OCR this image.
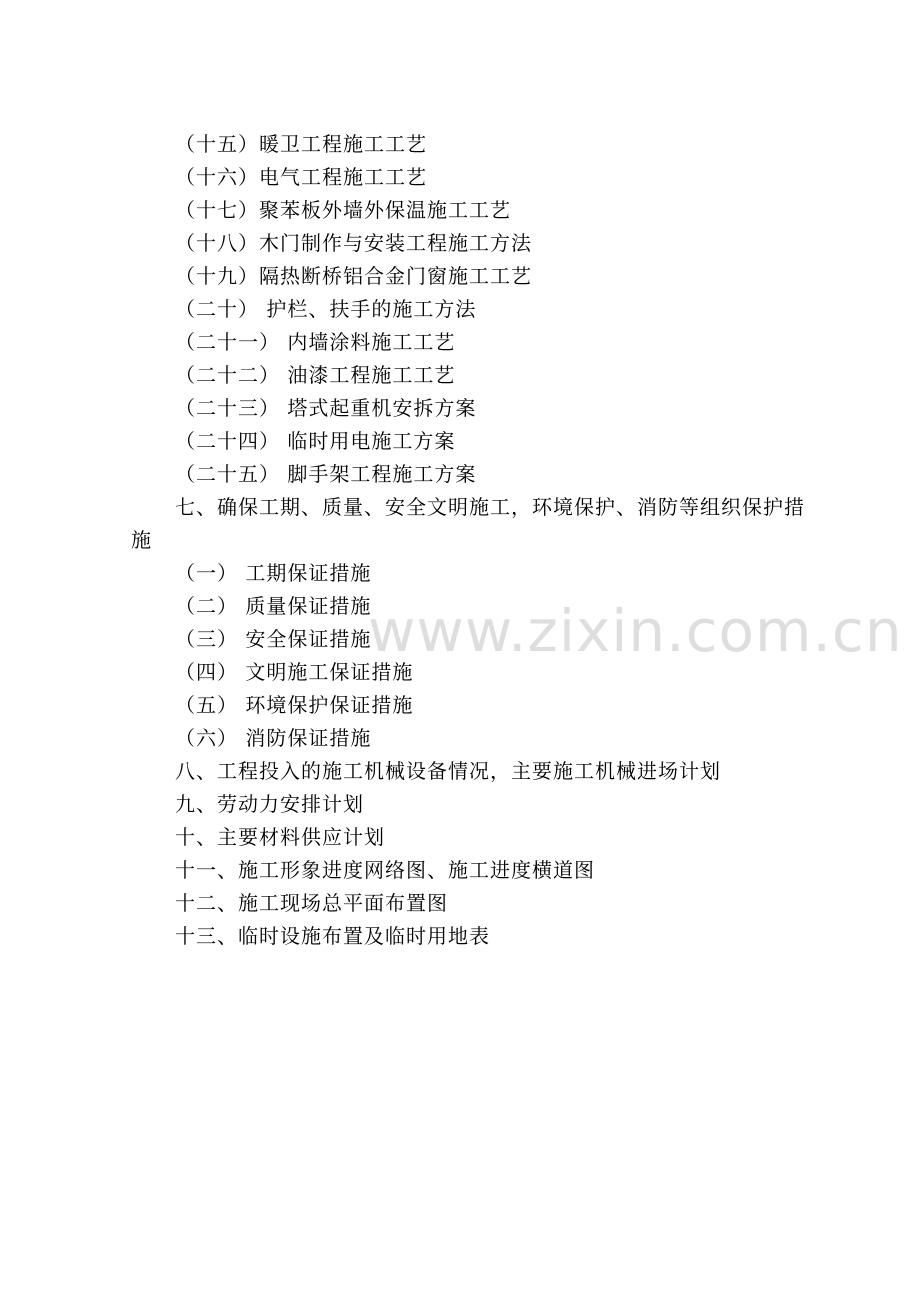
（十五）暖卫工程施工工艺
（十六）电气工程施工工艺
（十七）聚苯板外墙外保温施工工艺
（十八）木门制作与安装工程施工方法
（十九）隔热断桥铝合金门窗施工工艺
（二十） 护栏、扶手的施工方法
（二十一） 内墙涂料施工工艺
（二十二） 油漆工程施工工艺
（二十三） 塔式起重机安拆方案
（二十四） 临时用电施工方案
（二十五） 脚手架工程施工方案
七、确保工期、质量、安全文明施工，环境保护、消防等组织保护措
施
（一） 工期保证措施
（二） 质量保证措施
（三） 安全保证措施
（四） 文明施工保证措施
（五） 环境保护保证措施
（六） 消防保证措施
八、工程投入的施工机械设备情况，主要施工机械进场计划
九、劳动力安排计划
十、主要材料供应计划
十一、施工形象进度网络图、施工进度横道图
十二、施工现场总平面布置图
十三、临时设施布置及临时用地表
www.zixin.com.cn
